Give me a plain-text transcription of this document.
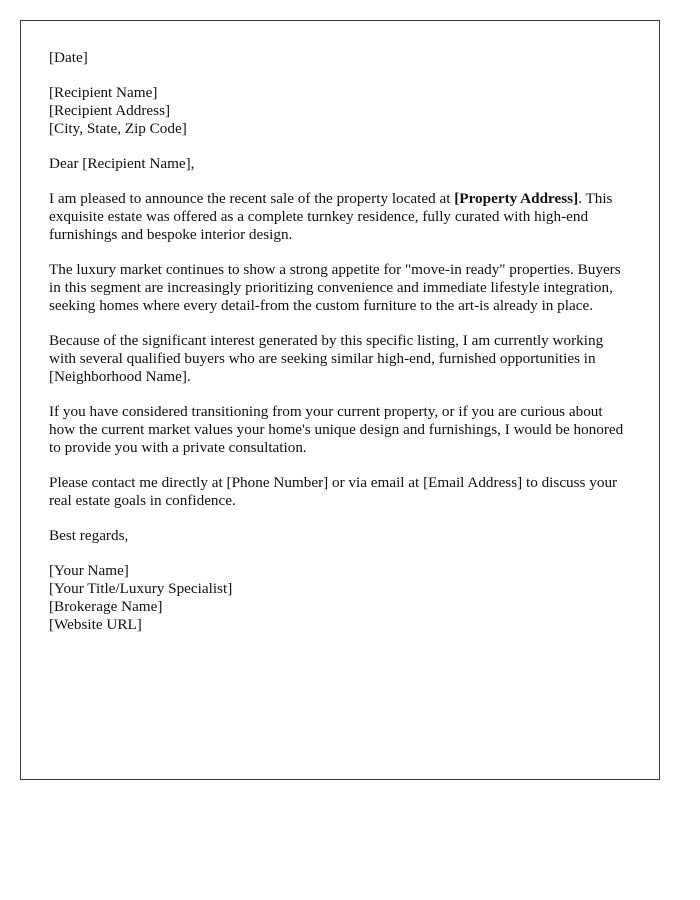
[Date]
[Recipient Name]
[Recipient Address]
[City, State, Zip Code]
Dear [Recipient Name],

I am pleased to announce the recent sale of the property located at [Property Address]. This exquisite estate was offered as a complete turnkey residence, fully curated with high-end furnishings and bespoke interior design.

The luxury market continues to show a strong appetite for "move-in ready" properties. Buyers in this segment are increasingly prioritizing convenience and immediate lifestyle integration, seeking homes where every detail-from the custom furniture to the art-is already in place.

Because of the significant interest generated by this specific listing, I am currently working with several qualified buyers who are seeking similar high-end, furnished opportunities in [Neighborhood Name].

If you have considered transitioning from your current property, or if you are curious about how the current market values your home's unique design and furnishings, I would be honored to provide you with a private consultation.

Please contact me directly at [Phone Number] or via email at [Email Address] to discuss your real estate goals in confidence.

Best regards,
[Your Name]
[Your Title/Luxury Specialist]
[Brokerage Name]
[Website URL]
